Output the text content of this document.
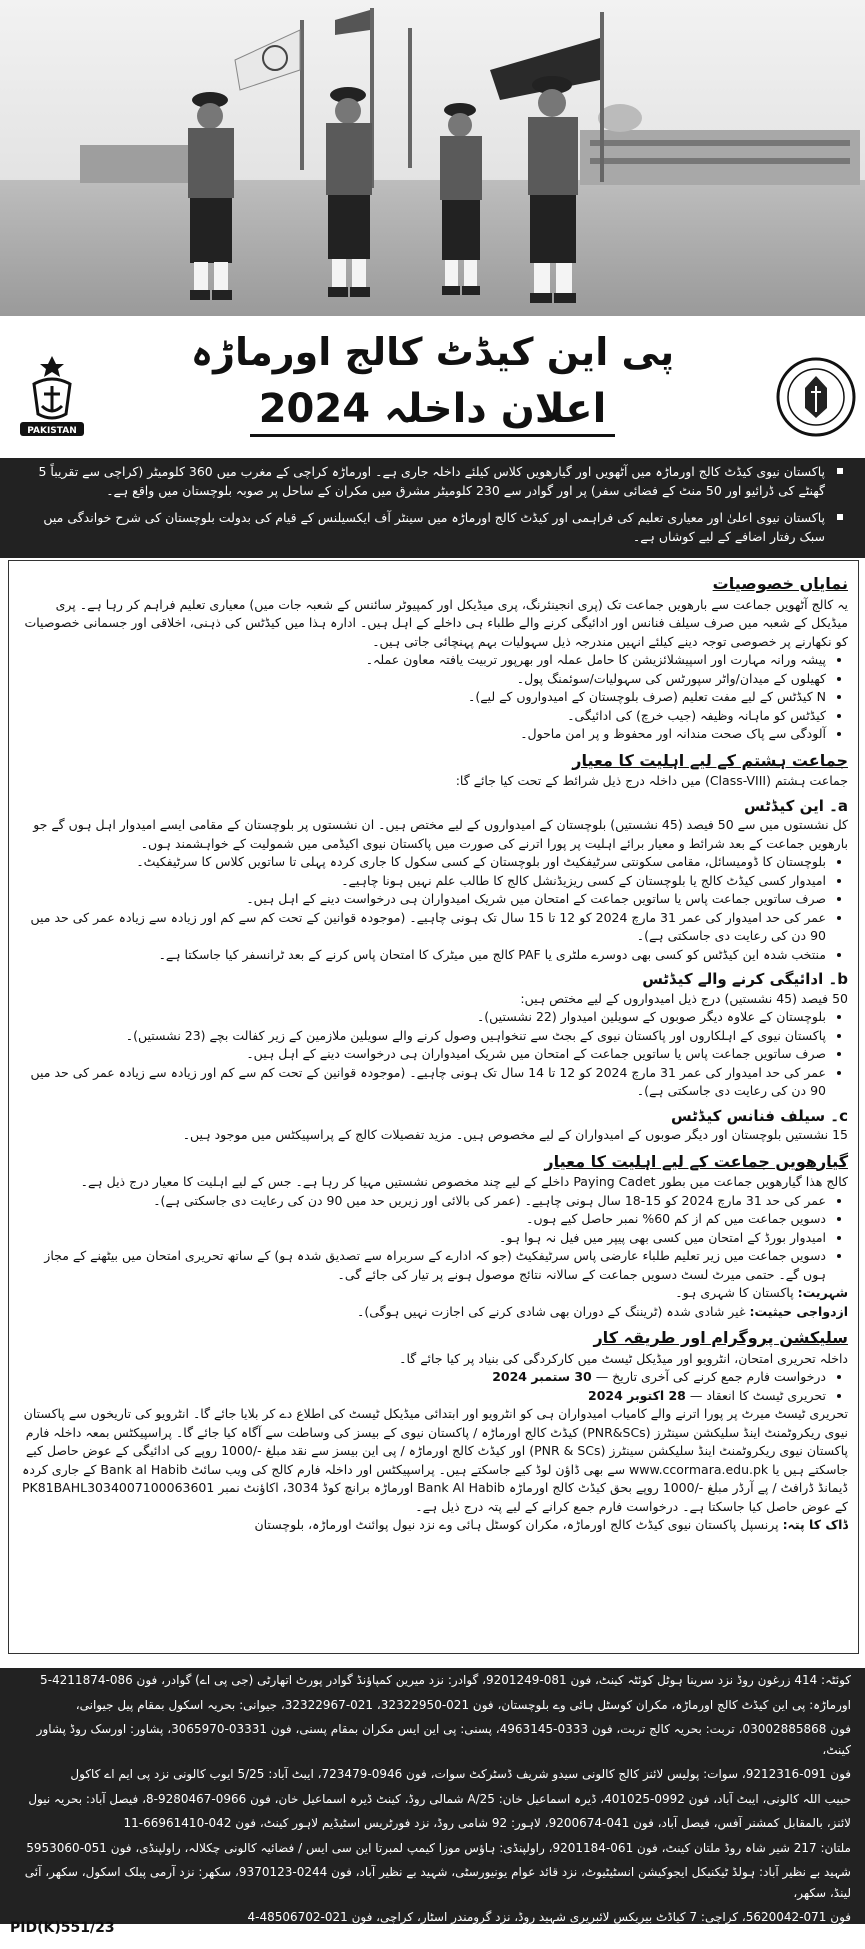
PAKISTAN
پی این کیڈٹ کالج اورماڑہ
اعلان داخلہ 2024

پاکستان نیوی کیڈٹ کالج اورماڑہ میں آٹھویں اور گیارھویں کلاس کیلئے داخلہ جاری ہے۔ اورماڑہ کراچی کے مغرب میں 360 کلومیٹر (کراچی سے تقریباً 5 گھنٹے کی ڈرائیو اور 50 منٹ کے فضائی سفر) پر اور گوادر سے 230 کلومیٹر مشرق میں مکران کے ساحل پر صوبہ بلوچستان میں واقع ہے۔

پاکستان نیوی اعلیٰ اور معیاری تعلیم کی فراہمی اور کیڈٹ کالج اورماڑہ میں سینٹر آف ایکسیلنس کے قیام کی بدولت بلوچستان کی شرح خواندگی میں سبک رفتار اضافے کے لیے کوشاں ہے۔

نمایاں خصوصیات

یہ کالج آٹھویں جماعت سے بارھویں جماعت تک (پری انجینئرنگ، پری میڈیکل اور کمپیوٹر سائنس کے شعبہ جات میں) معیاری تعلیم فراہم کر رہا ہے۔ پری میڈیکل کے شعبہ میں صرف سیلف فنانس اور ادائیگی کرنے والے طلباء ہی داخلے کے اہل ہیں۔ ادارہ ہذا میں کیڈٹس کی ذہنی، اخلاقی اور جسمانی خصوصیات کو نکھارنے پر خصوصی توجہ دینے کیلئے انہیں مندرجہ ذیل سہولیات بہم پہنچائی جاتی ہیں۔

• پیشہ ورانہ مہارت اور اسپیشلائزیشن کا حامل عملہ اور بھرپور تربیت یافتہ معاون عملہ۔
• کھیلوں کے میدان/واٹر سپورٹس کی سہولیات/سوئمنگ پول۔
• N کیڈٹس کے لیے مفت تعلیم (صرف بلوچستان کے امیدواروں کے لیے)۔
• کیڈٹس کو ماہانہ وظیفہ (جیب خرچ) کی ادائیگی۔
• آلودگی سے پاک صحت مندانہ اور محفوظ و پر امن ماحول۔
جماعت ہشتم کے لیے اہلیت کا معیار

جماعت ہشتم (Class-VIII) میں داخلہ درج ذیل شرائط کے تحت کیا جائے گا:

a۔ این کیڈٹس

کل نشستوں میں سے 50 فیصد (45 نشستیں) بلوچستان کے امیدواروں کے لیے مختص ہیں۔ ان نشستوں پر بلوچستان کے مقامی ایسے امیدوار اہل ہوں گے جو بارھویں جماعت کے بعد شرائط و معیار برائے اہلیت پر پورا اترنے کی صورت میں پاکستان نیوی اکیڈمی میں شمولیت کے خواہشمند ہوں۔

• بلوچستان کا ڈومیسائل، مقامی سکونتی سرٹیفکیٹ اور بلوچستان کے کسی سکول کا جاری کردہ پہلی تا ساتویں کلاس کا سرٹیفکیٹ۔
• امیدوار کسی کیڈٹ کالج یا بلوچستان کے کسی ریزیڈنشل کالج کا طالب علم نہیں ہونا چاہیے۔
• صرف ساتویں جماعت پاس یا ساتویں جماعت کے امتحان میں شریک امیدواران ہی درخواست دینے کے اہل ہیں۔
• عمر کی حد امیدوار کی عمر 31 مارچ 2024 کو 12 تا 15 سال تک ہونی چاہیے۔ (موجودہ قوانین کے تحت کم سے کم اور زیادہ سے زیادہ عمر کی حد میں 90 دن کی رعایت دی جاسکتی ہے)۔
• منتخب شدہ این کیڈٹس کو کسی بھی دوسرے ملٹری یا PAF کالج میں میٹرک کا امتحان پاس کرنے کے بعد ٹرانسفر کیا جاسکتا ہے۔
b۔ ادائیگی کرنے والے کیڈٹس

50 فیصد (45 نشستیں) درج ذیل امیدواروں کے لیے مختص ہیں:

• بلوچستان کے علاوہ دیگر صوبوں کے سویلین امیدوار (22 نشستیں)۔
• پاکستان نیوی کے اہلکاروں اور پاکستان نیوی کے بجٹ سے تنخواہیں وصول کرنے والے سویلین ملازمین کے زیر کفالت بچے (23 نشستیں)۔
• صرف ساتویں جماعت پاس یا ساتویں جماعت کے امتحان میں شریک امیدواران ہی درخواست دینے کے اہل ہیں۔
• عمر کی حد امیدوار کی عمر 31 مارچ 2024 کو 12 تا 14 سال تک ہونی چاہیے۔ (موجودہ قوانین کے تحت کم سے کم اور زیادہ سے زیادہ عمر کی حد میں 90 دن کی رعایت دی جاسکتی ہے)۔
c۔ سیلف فنانس کیڈٹس

15 نشستیں بلوچستان اور دیگر صوبوں کے امیدواران کے لیے مخصوص ہیں۔ مزید تفصیلات کالج کے پراسپیکٹس میں موجود ہیں۔

گیارھویں جماعت کے لیے اہلیت کا معیار

کالج ھذا گیارھویں جماعت میں بطور Paying Cadet داخلے کے لیے چند مخصوص نشستیں مہیا کر رہا ہے۔ جس کے لیے اہلیت کا معیار درج ذیل ہے۔

• عمر کی حد 31 مارچ 2024 کو 15-18 سال ہونی چاہیے۔ (عمر کی بالائی اور زیریں حد میں 90 دن کی رعایت دی جاسکتی ہے)۔
• دسویں جماعت میں کم از کم 60% نمبر حاصل کیے ہوں۔
• امیدوار بورڈ کے امتحان میں کسی بھی پیپر میں فیل نہ ہوا ہو۔
• دسویں جماعت میں زیر تعلیم طلباء عارضی پاس سرٹیفکیٹ (جو کہ ادارے کے سربراہ سے تصدیق شدہ ہو) کے ساتھ تحریری امتحان میں بیٹھنے کے مجاز ہوں گے۔ حتمی میرٹ لسٹ دسویں جماعت کے سالانہ نتائج موصول ہونے پر تیار کی جائے گی۔

شہریت: پاکستان کا شہری ہو۔

ازدواجی حیثیت: غیر شادی شدہ (ٹریننگ کے دوران بھی شادی کرنے کی اجازت نہیں ہوگی)۔

سلیکشن پروگرام اور طریقہ کار

داخلہ تحریری امتحان، انٹرویو اور میڈیکل ٹیسٹ میں کارکردگی کی بنیاد پر کیا جائے گا۔

• درخواست فارم جمع کرنے کی آخری تاریخ — 30 ستمبر 2024
• تحریری ٹیسٹ کا انعقاد — 28 اکتوبر 2024

تحریری ٹیسٹ میرٹ پر پورا اترنے والے کامیاب امیدواران ہی کو انٹرویو اور ابتدائی میڈیکل ٹیسٹ کی اطلاع دے کر بلایا جائے گا۔ انٹرویو کی تاریخوں سے پاکستان نیوی ریکروٹمنٹ اینڈ سلیکشن سینٹرز (PNR&SCs) کیڈٹ کالج اورماڑہ / پاکستان نیوی کے بیسز کی وساطت سے آگاہ کیا جائے گا۔ پراسپیکٹس بمعہ داخلہ فارم پاکستان نیوی ریکروٹمنٹ اینڈ سلیکشن سینٹرز (PNR & SCs) اور کیڈٹ کالج اورماڑہ / پی این بیسز سے نقد مبلغ -/1000 روپے کی ادائیگی کے عوض حاصل کیے جاسکتے ہیں یا www.ccormara.edu.pk سے بھی ڈاؤن لوڈ کیے جاسکتے ہیں۔ پراسپیکٹس اور داخلہ فارم کالج کی ویب سائٹ Bank al Habib کے جاری کردہ ڈیمانڈ ڈرافٹ / پے آرڈر مبلغ -/1000 روپے بحق کیڈٹ کالج اورماڑہ Bank Al Habib اورماڑہ برانچ کوڈ 3034، اکاؤنٹ نمبر PK81BAHL3034007100063601 کے عوض حاصل کیا جاسکتا ہے۔ درخواست فارم جمع کرانے کے لیے پتہ درج ذیل ہے۔

ڈاک کا پتہ: پرنسپل پاکستان نیوی کیڈٹ کالج اورماڑہ، مکران کوسٹل ہائی وے نزد نیول پوائنٹ اورماڑہ، بلوچستان

کوئٹہ: 414 زرغون روڈ نزد سرینا ہوٹل کوئٹہ کینٹ، فون 081-9201249، گوادر: نزد میرین کمپاؤنڈ گوادر پورٹ اتھارٹی (جی پی اے) گوادر، فون 086-4211874-5

اورماڑہ: پی این کیڈٹ کالج اورماڑہ، مکران کوسٹل ہائی وے بلوچستان، فون 021-32322950، 021-32322967، جیوانی: بحریہ اسکول بمقام پیل جیوانی،

فون 03002885868، تربت: بحریہ کالج تربت، فون 0333-4963145، پسنی: پی این ایس مکران بمقام پسنی، فون 03331-3065970، پشاور: اورسک روڈ پشاور کینٹ،

فون 091-9212316، سوات: پولیس لائنز کالج کالونی سیدو شریف ڈسٹرکٹ سوات، فون 0946-723479، ایبٹ آباد: 5/25 ایوب کالونی نزد پی ایم اے کاکول

حبیب اللہ کالونی، ایبٹ آباد، فون 0992-401025، ڈیرہ اسماعیل خان: 25/A شمالی روڈ، کینٹ ڈیرہ اسماعیل خان، فون 0966-9280467-8، فیصل آباد: بحریہ نیول

لائنز، بالمقابل کمشنر آفس، فیصل آباد، فون 041-9200674، لاہور: 92 شامی روڈ، نزد فورٹریس اسٹیڈیم لاہور کینٹ، فون 042-66961410-11

ملتان: 217 شیر شاہ روڈ ملتان کینٹ، فون 061-9201184، راولپنڈی: ہاؤس موزا کیمپ لمبرتا این سی ایس / فضائیہ کالونی چکلالہ، راولپنڈی، فون 051-5953060

شہید بے نظیر آباد: ہولڈ ٹیکنیکل ایجوکیشن انسٹیٹیوٹ، نزد قائد عوام یونیورسٹی، شہید بے نظیر آباد، فون 0244-9370123، سکھر: نزد آرمی پبلک اسکول، سکھر، آئی لینڈ، سکھر،

فون 071-5620042، کراچی: 7 کیاڈٹ بیریکس لائبریری شہید روڈ، نزد گرومندر اسٹار، کراچی، فون 021-48506702-4

کسی بھی قسم کی معلومات کے لیے رابطہ نمبرز 021-32322950، 021-32322967

PID(K)551/23
